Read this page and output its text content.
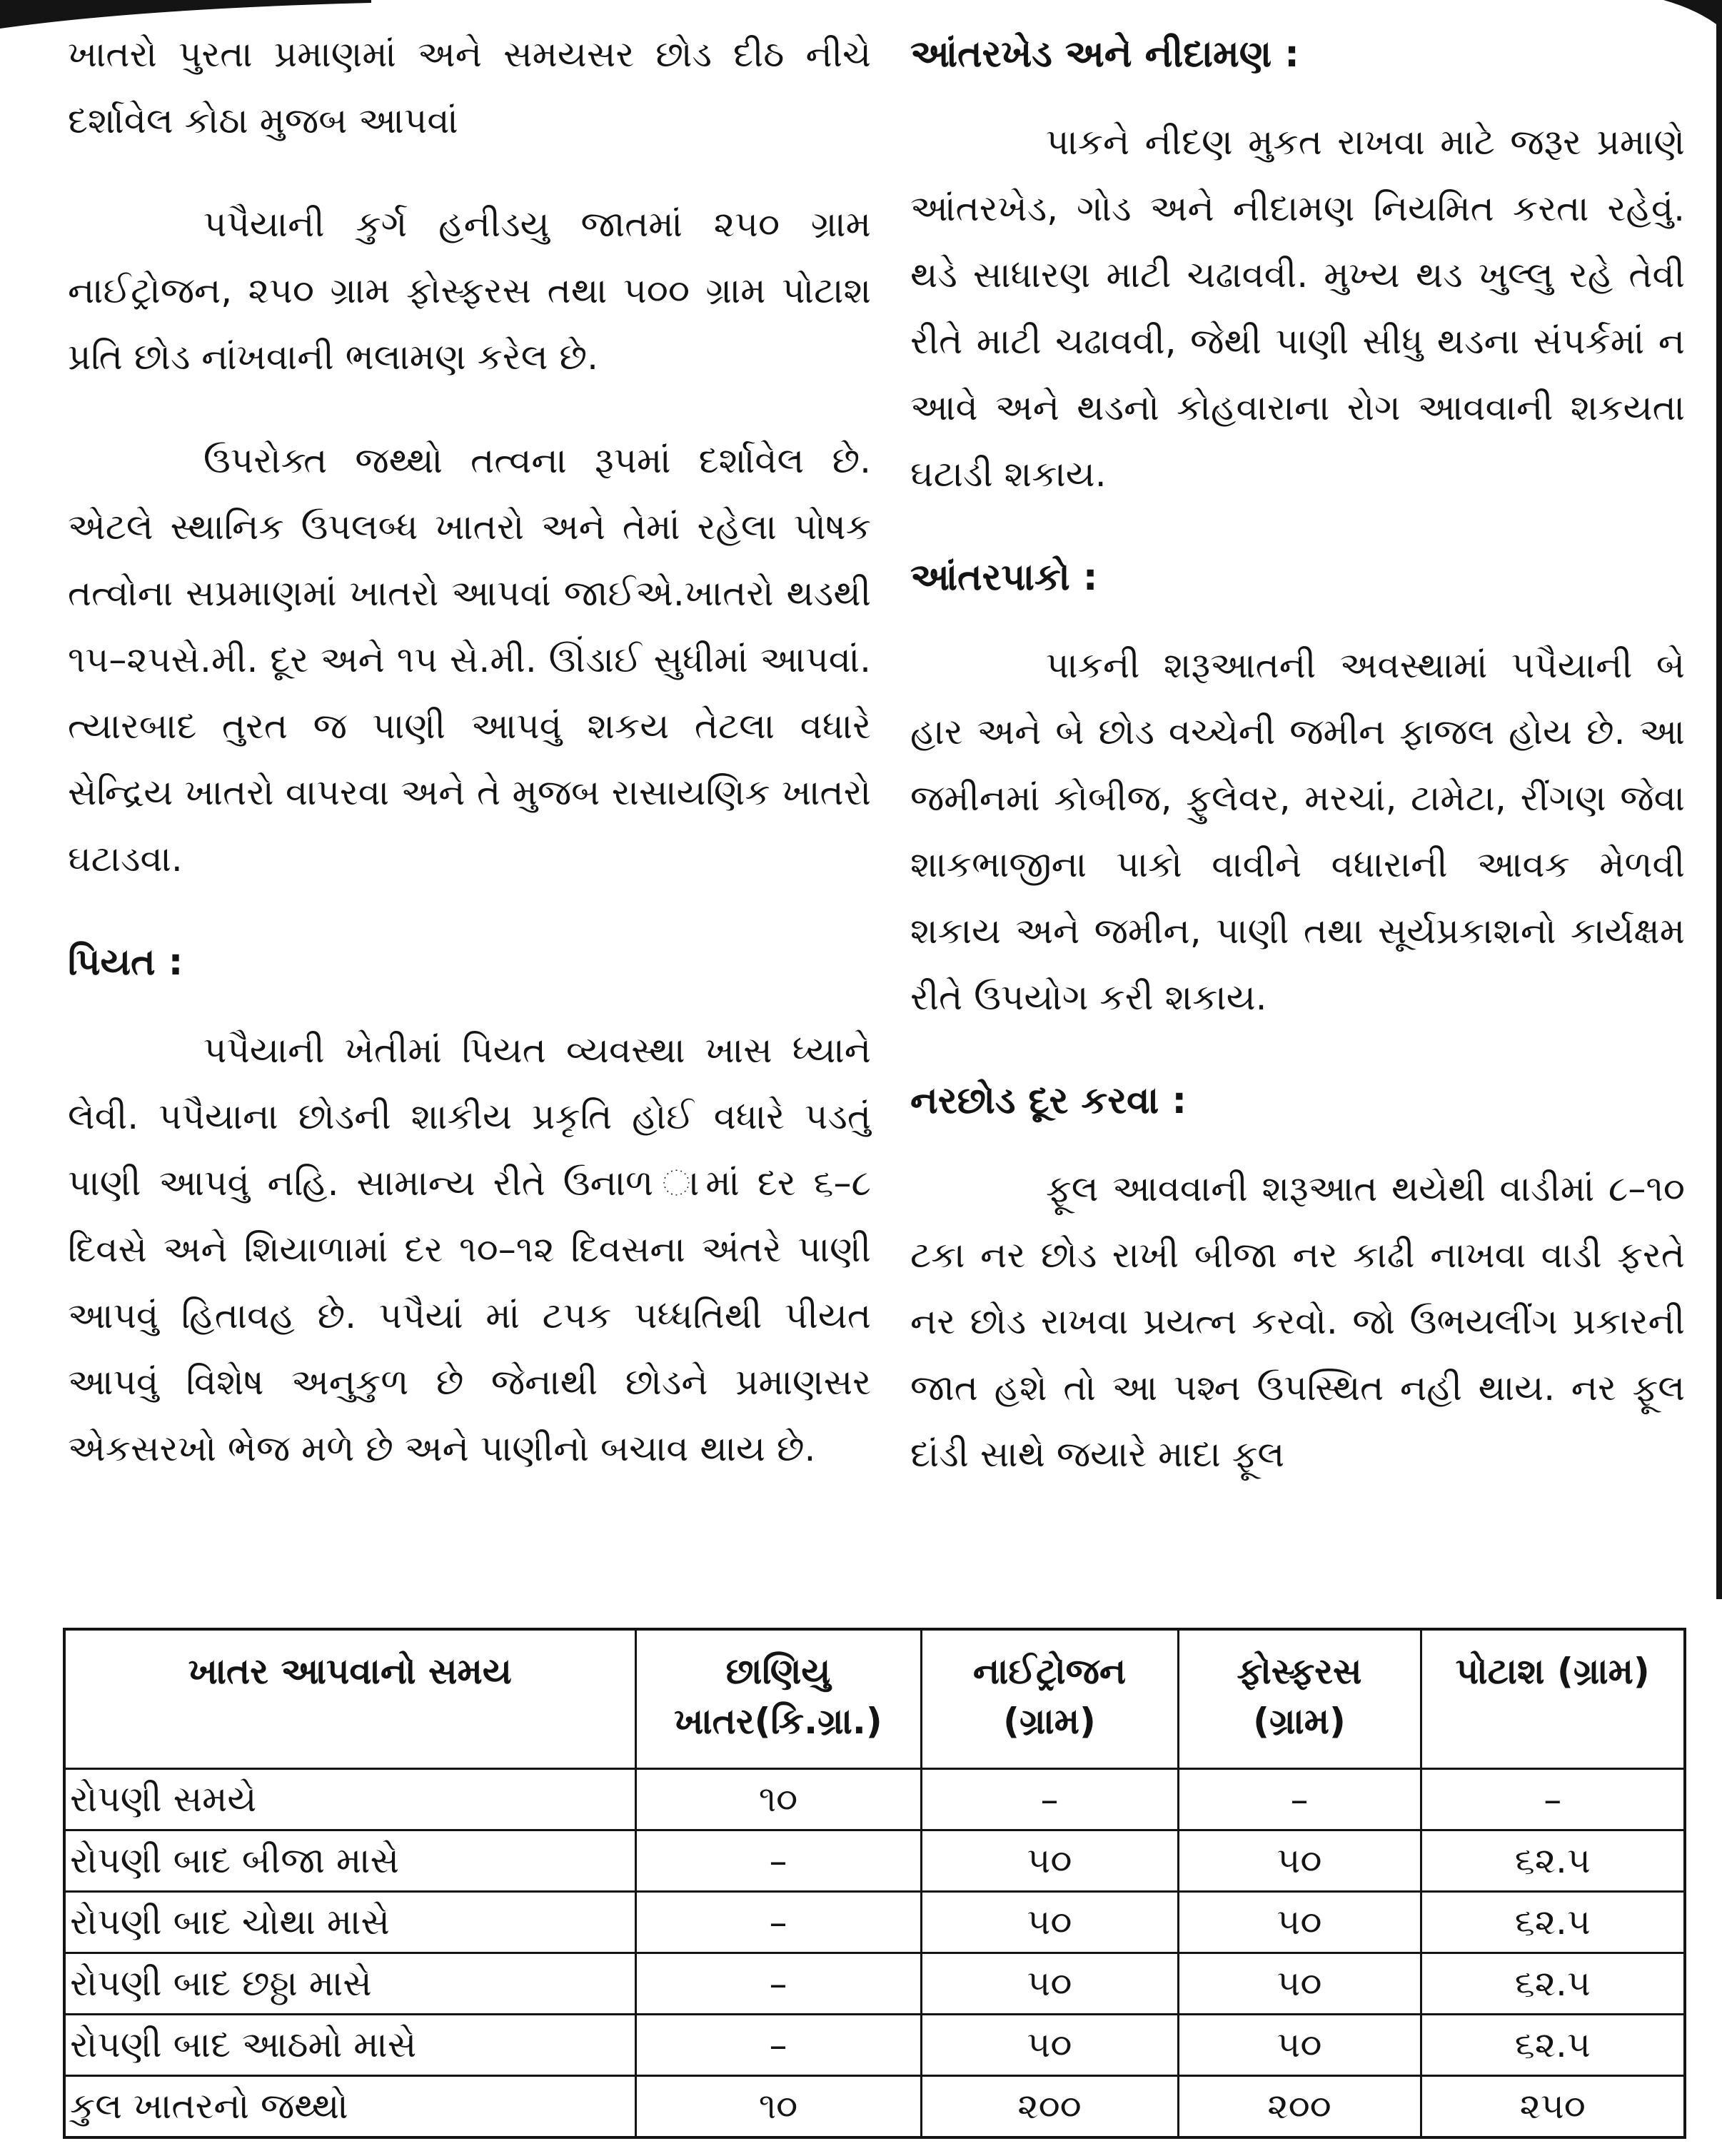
ખાતરો પુરતા પ્રમાણમાં અને સમયસર છોડ દીઠ નીચે દર્શાવેલ કોઠા મુજબ આપવાં

પપૈયાની કુર્ગ હનીડયુ જાતમાં ૨૫૦ ગ્રામ નાઈટ્રોજન, ૨૫૦ ગ્રામ ફોસ્ફરસ તથા ૫૦૦ ગ્રામ પોટાશ પ્રતિ છોડ નાંખવાની ભલામણ કરેલ છે.

ઉપરોક્ત જથ્થો તત્વના રૂપમાં દર્શાવેલ છે. એટલે સ્થાનિક ઉપલબ્ધ ખાતરો અને તેમાં રહેલા પોષક તત્વોના સપ્રમાણમાં ખાતરો આપવાં જાઈએ.ખાતરો થડથી ૧૫–૨૫સે.મી. દૂર અને ૧૫ સે.મી. ઊંડાઈ સુધીમાં આપવાં. ત્યારબાદ તુરત જ પાણી આપવું શકય તેટલા વધારે સેન્દ્રિય ખાતરો વાપરવા અને તે મુજબ રાસાયણિક ખાતરો ઘટાડવા.

પિયત :

પપૈયાની ખેતીમાં પિયત વ્યવસ્થા ખાસ ધ્યાને લેવી. પપૈયાના છોડની શાકીય પ્રકૃતિ હોઈ વધારે પડતું પાણી આપવું નહિ. સામાન્ય રીતે ઉનાળ ામાં દર ૬–૮ દિવસે અને શિયાળામાં દર ૧૦–૧૨ દિવસના અંતરે પાણી આપવું હિતાવહ છે. પપૈયાં માં ટપક પધ્ધતિથી પીયત આપવું વિશેષ અનુકુળ છે જેનાથી છોડને પ્રમાણસર એકસરખો ભેજ મળે છે અને પાણીનો બચાવ થાય છે.

આંતરખેડ અને નીદામણ :

પાકને નીદણ મુકત રાખવા માટે જરૂર પ્રમાણે આંતરખેડ, ગોડ અને નીદામણ નિયમિત કરતા રહેવું. થડે સાધારણ માટી ચઢાવવી. મુખ્ય થડ ખુલ્લુ રહે તેવી રીતે માટી ચઢાવવી, જેથી પાણી સીધુ થડના સંપર્કમાં ન આવે અને થડનો કોહવારાના રોગ આવવાની શકયતા ઘટાડી શકાય.

આંતરપાકો :

પાકની શરૂઆતની અવસ્થામાં પપૈયાની બે હાર અને બે છોડ વચ્ચેની જમીન ફાજલ હોય છે. આ જમીનમાં કોબીજ, ફુલેવર, મરચાં, ટામેટા, રીંગણ જેવા શાકભાજીના પાકો વાવીને વધારાની આવક મેળવી શકાય અને જમીન, પાણી તથા સૂર્યપ્રકાશનો કાર્યક્ષમ રીતે ઉપયોગ કરી શકાય.

નરછોડ દૂર કરવા :

ફૂલ આવવાની શરૂઆત થયેથી વાડીમાં ૮–૧૦ ટકા નર છોડ રાખી બીજા નર કાઢી નાખવા વાડી ફરતે નર છોડ રાખવા પ્રયત્ન કરવો. જો ઉભયલીંગ પ્રકારની જાત હશે તો આ પશ્ન ઉપસ્થિત નહી થાય. નર ફૂલ દાંડી સાથે જયારે માદા ફૂલ

ખાતર આપવાનો સમય	છાણિયુ ખાતર(કિ.ગ્રા.)	નાઈટ્રોજન (ગ્રામ)	ફોસ્ફરસ (ગ્રામ)	પોટાશ (ગ્રામ)
રોપણી સમયે	૧૦	–	–	–
રોપણી બાદ બીજા માસે	–	૫૦	૫૦	૬૨.૫
રોપણી બાદ ચોથા માસે	–	૫૦	૫૦	૬૨.૫
રોપણી બાદ છઠ્ઠા માસે	–	૫૦	૫૦	૬૨.૫
રોપણી બાદ આઠમો માસે	–	૫૦	૫૦	૬૨.૫
કુલ ખાતરનો જથ્થો	૧૦	૨૦૦	૨૦૦	૨૫૦
